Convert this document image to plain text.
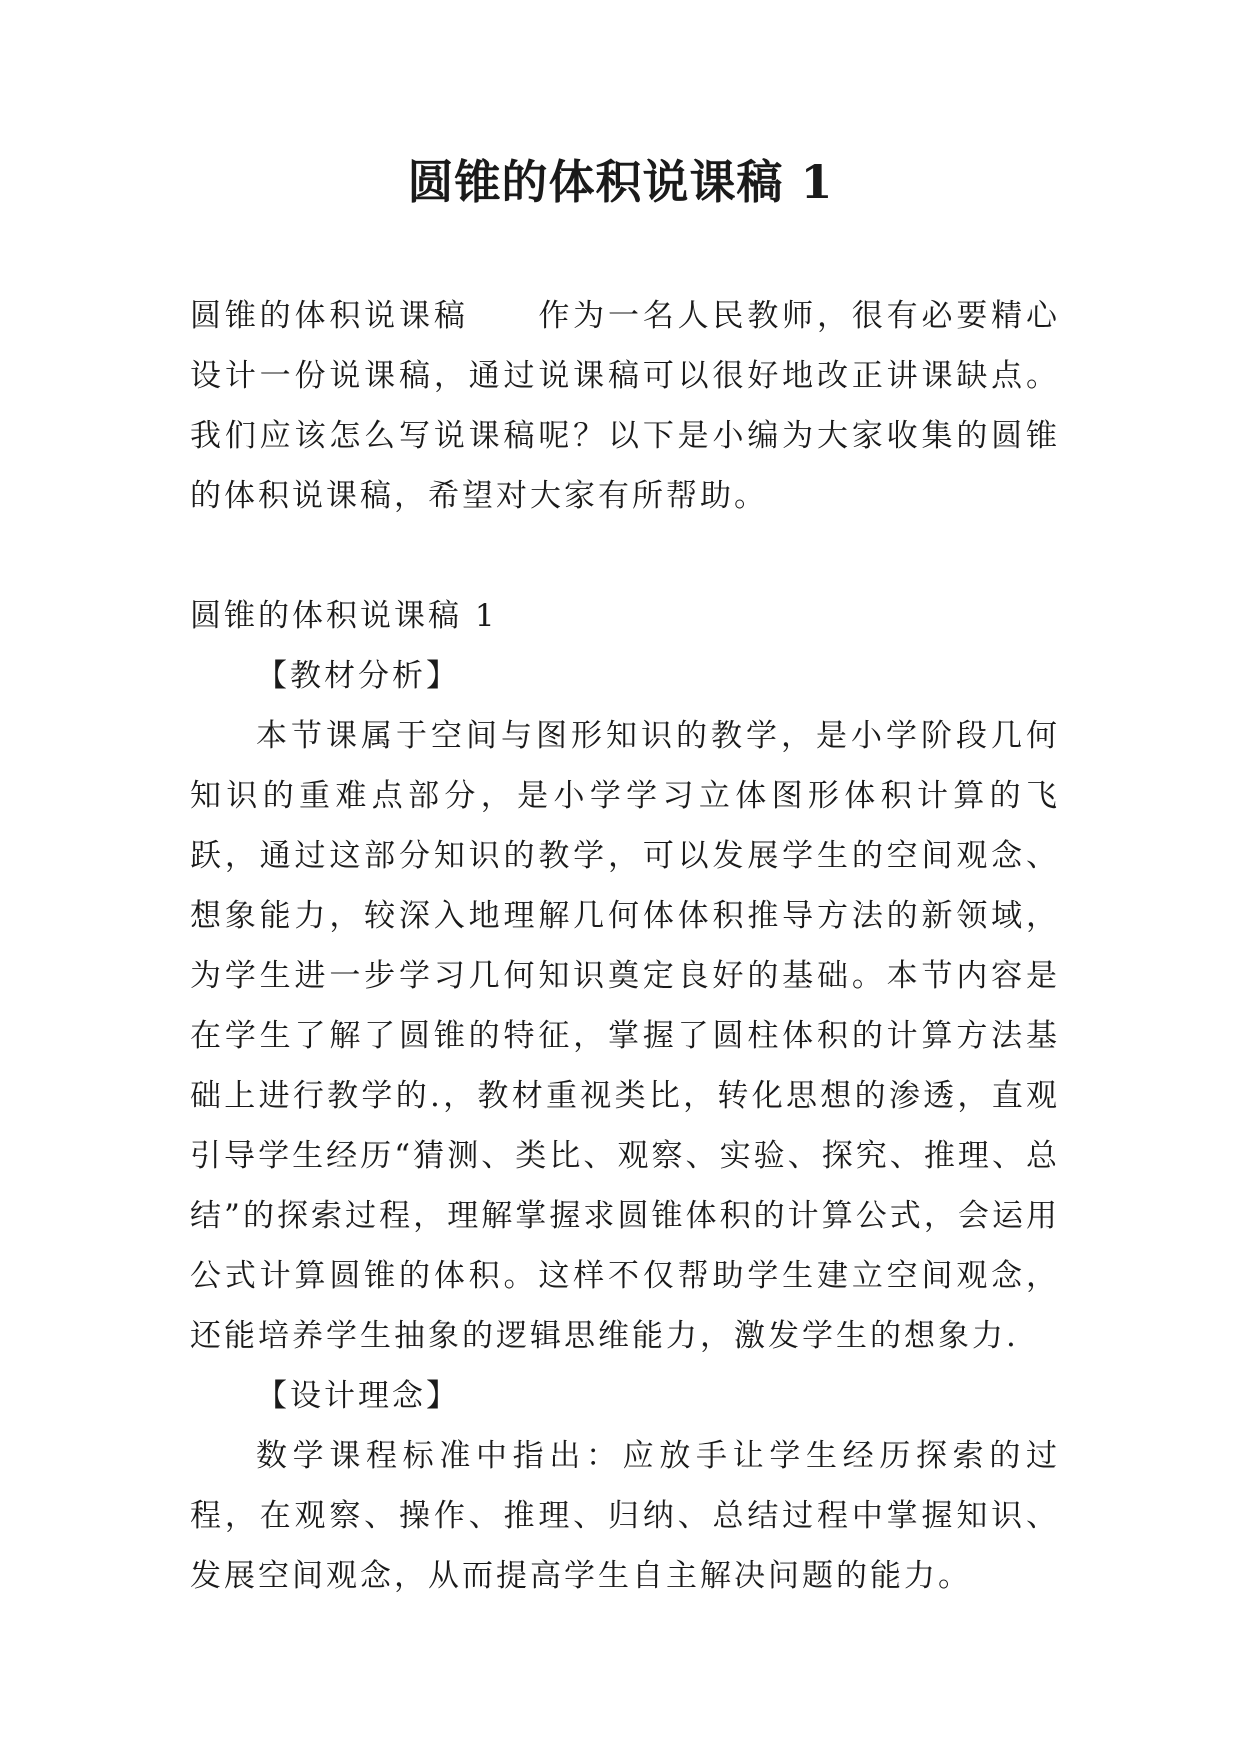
圆锥的体积说课稿 1

圆锥的体积说课稿　　作为一名人民教师，很有必要精心设计一份说课稿，通过说课稿可以很好地改正讲课缺点。我们应该怎么写说课稿呢？以下是小编为大家收集的圆锥的体积说课稿，希望对大家有所帮助。

圆锥的体积说课稿 1

【教材分析】

本节课属于空间与图形知识的教学，是小学阶段几何知识的重难点部分，是小学学习立体图形体积计算的飞跃，通过这部分知识的教学，可以发展学生的空间观念、想象能力，较深入地理解几何体体积推导方法的新领域，为学生进一步学习几何知识奠定良好的基础。本节内容是在学生了解了圆锥的特征，掌握了圆柱体积的计算方法基础上进行教学的.，教材重视类比，转化思想的渗透，直观引导学生经历“猜测、类比、观察、实验、探究、推理、总结”的探索过程，理解掌握求圆锥体积的计算公式，会运用公式计算圆锥的体积。这样不仅帮助学生建立空间观念，还能培养学生抽象的逻辑思维能力，激发学生的想象力.

【设计理念】

数学课程标准中指出：应放手让学生经历探索的过程，在观察、操作、推理、归纳、总结过程中掌握知识、发展空间观念，从而提高学生自主解决问题的能力。
